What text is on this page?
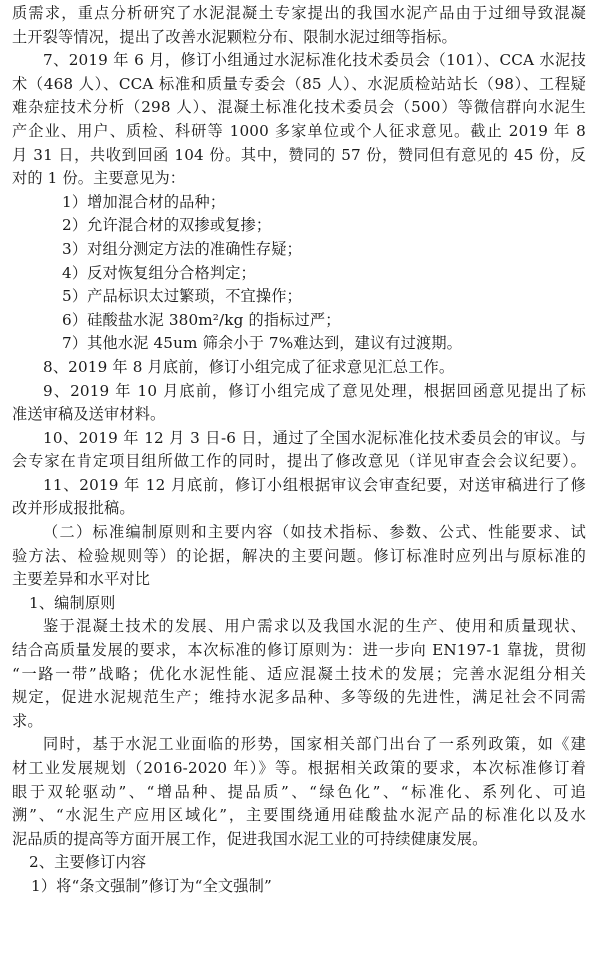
质需求，重点分析研究了水泥混凝土专家提出的我国水泥产品由于过细导致混凝
土开裂等情况，提出了改善水泥颗粒分布、限制水泥过细等指标。
7、2019 年 6 月，修订小组通过水泥标准化技术委员会（101）、CCA 水泥技
术（468 人）、CCA 标准和质量专委会（85 人）、水泥质检站站长（98）、工程疑
难杂症技术分析（298 人）、混凝土标准化技术委员会（500）等微信群向水泥生
产企业、用户、质检、科研等 1000 多家单位或个人征求意见。截止 2019 年 8
月 31 日，共收到回函 104 份。其中，赞同的 57 份，赞同但有意见的 45 份，反
对的 1 份。主要意见为：
1）增加混合材的品种；
2）允许混合材的双掺或复掺；
3）对组分测定方法的准确性存疑；
4）反对恢复组分合格判定；
5）产品标识太过繁琐，不宜操作；
6）硅酸盐水泥 380m²/kg 的指标过严；
7）其他水泥 45um 筛余小于 7%难达到，建议有过渡期。
8、2019 年 8 月底前，修订小组完成了征求意见汇总工作。
9、2019 年 10 月底前，修订小组完成了意见处理，根据回函意见提出了标
准送审稿及送审材料。
10、2019 年 12 月 3 日-6 日，通过了全国水泥标准化技术委员会的审议。与
会专家在肯定项目组所做工作的同时，提出了修改意见（详见审查会会议纪要）。
11、2019 年 12 月底前，修订小组根据审议会审查纪要，对送审稿进行了修
改并形成报批稿。
（二）标准编制原则和主要内容（如技术指标、参数、公式、性能要求、试
验方法、检验规则等）的论据，解决的主要问题。修订标准时应列出与原标准的
主要差异和水平对比
1、编制原则
鉴于混凝土技术的发展、用户需求以及我国水泥的生产、使用和质量现状、
结合高质量发展的要求，本次标准的修订原则为：进一步向 EN197-1 靠拢，贯彻
“一路一带”战略；优化水泥性能、适应混凝土技术的发展；完善水泥组分相关
规定，促进水泥规范生产；维持水泥多品种、多等级的先进性，满足社会不同需
求。
同时，基于水泥工业面临的形势，国家相关部门出台了一系列政策，如《建
材工业发展规划（2016-2020 年）》等。根据相关政策的要求，本次标准修订着
眼于双轮驱动”、“增品种、提品质”、“绿色化”、“标准化、系列化、可追
溯”、“水泥生产应用区域化”，主要围绕通用硅酸盐水泥产品的标准化以及水
泥品质的提高等方面开展工作，促进我国水泥工业的可持续健康发展。
2、主要修订内容
1）将“条文强制”修订为“全文强制”
